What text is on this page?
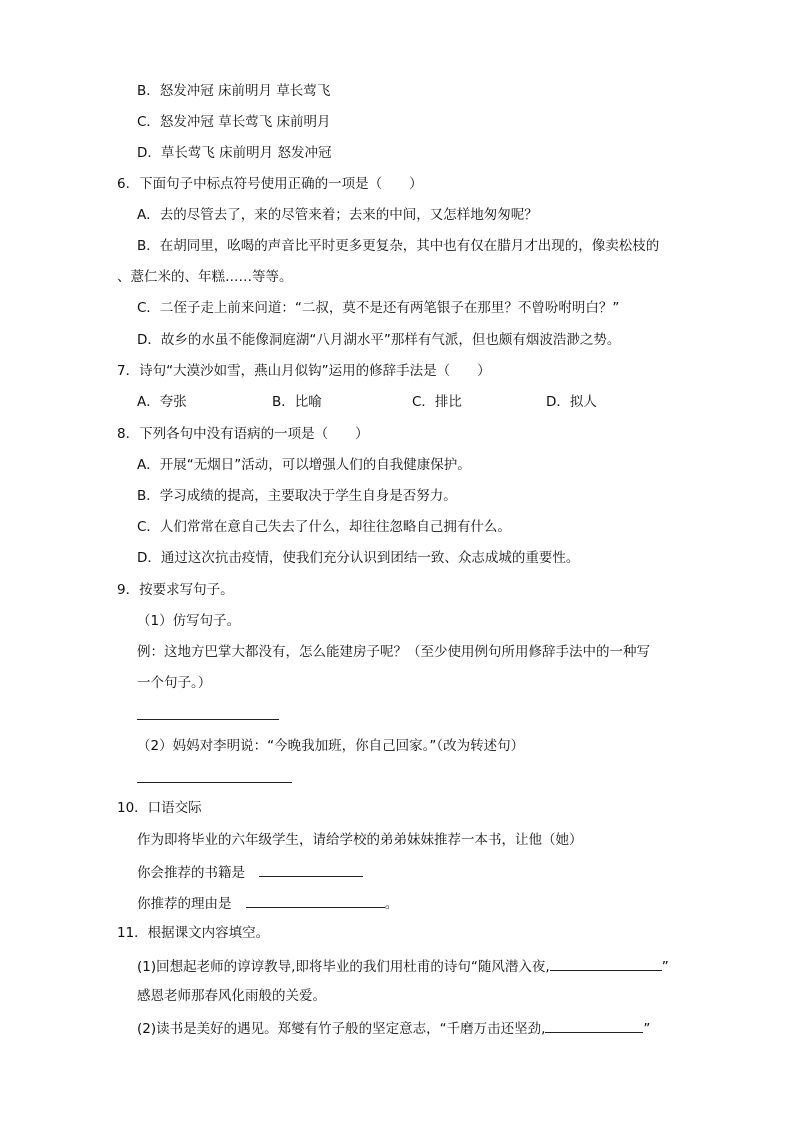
B．怒发冲冠 床前明月 草长莺飞
C．怒发冲冠 草长莺飞 床前明月
D．草长莺飞 床前明月 怒发冲冠
6．下面句子中标点符号使用正确的一项是（　　）
A．去的尽管去了，来的尽管来着；去来的中间，又怎样地匆匆呢？
B．在胡同里，吆喝的声音比平时更多更复杂，其中也有仅在腊月才出现的，像卖松枝的
、薏仁米的、年糕……等等。
C．二侄子走上前来问道：“二叔，莫不是还有两笔银子在那里？不曾吩咐明白？”
D．故乡的水虽不能像洞庭湖“八月湖水平”那样有气派，但也颇有烟波浩渺之势。
7．诗句“大漠沙如雪，燕山月似钩”运用的修辞手法是（　　）
A．夸张	B．比喻	C．排比	D．拟人
8．下列各句中没有语病的一项是（　　）
A．开展“无烟日”活动，可以增强人们的自我健康保护。
B．学习成绩的提高，主要取决于学生自身是否努力。
C．人们常常在意自己失去了什么，却往往忽略自己拥有什么。
D．通过这次抗击疫情，使我们充分认识到团结一致、众志成城的重要性。
9．按要求写句子。
（1）仿写句子。
例：这地方巴掌大都没有，怎么能建房子呢？（至少使用例句所用修辞手法中的一种写
一个句子。）
（2）妈妈对李明说：“今晚我加班，你自己回家。”（改为转述句）
10．口语交际
作为即将毕业的六年级学生，请给学校的弟弟妹妹推荐一本书，让他（她）
你会推荐的书籍是
你推荐的理由是	。
11．根据课文内容填空。
(1)回想起老师的谆谆教导,即将毕业的我们用杜甫的诗句“随风潜入夜,	”
感恩老师那春风化雨般的关爱。
(2)读书是美好的遇见。郑燮有竹子般的坚定意志，“千磨万击还坚劲,	”
